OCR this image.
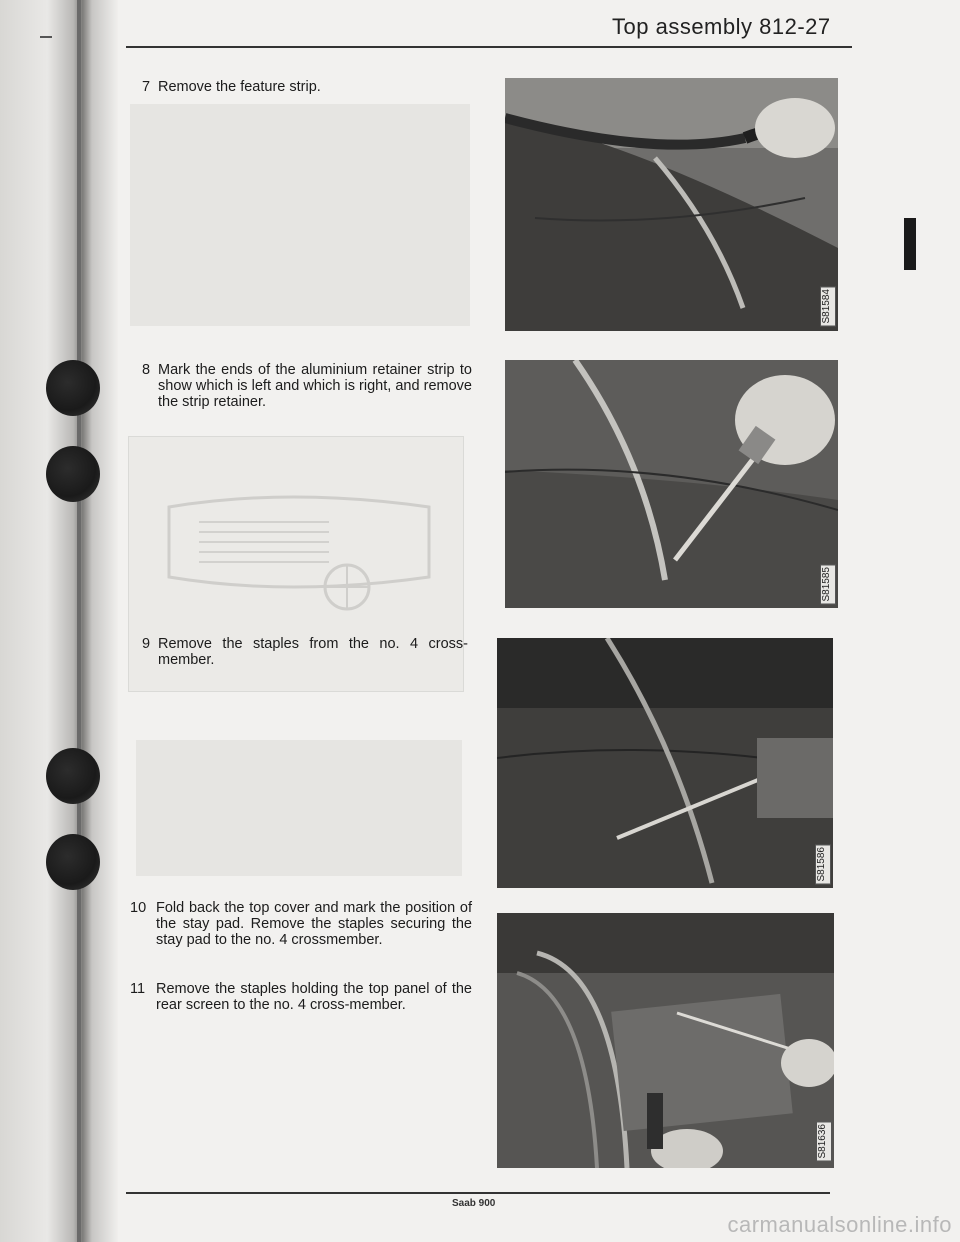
Top assembly 812-27
7 Remove the feature strip.
8 Mark the ends of the aluminium retainer strip to show which is left and which is right, and remove the strip retainer.
9 Remove the staples from the no. 4 cross-member.
10 Fold back the top cover and mark the position of the stay pad. Remove the staples securing the stay pad to the no. 4 crossmember.
11 Remove the staples holding the top panel of the rear screen to the no. 4 cross-member.
S81584
S81585
S81586
S81636
Saab 900
carmanualsonline.info
